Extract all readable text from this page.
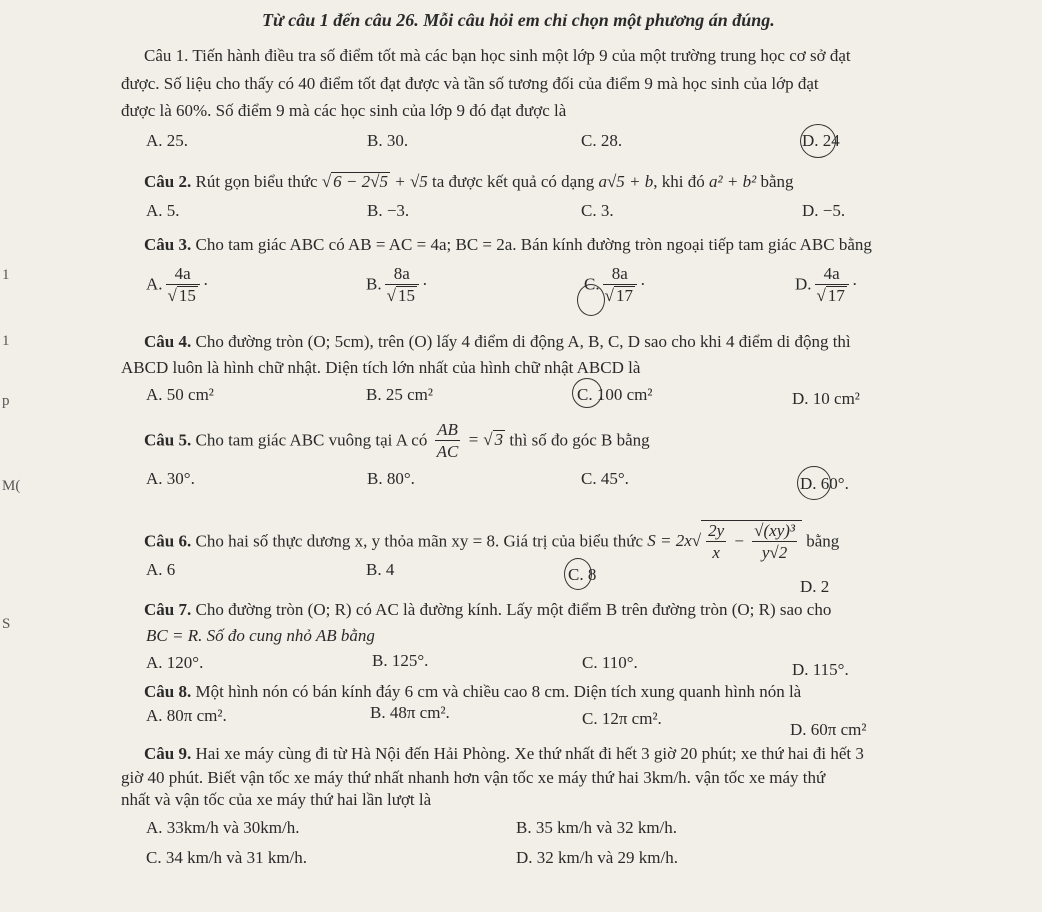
Từ câu 1 đến câu 26. Mỗi câu hỏi em chỉ chọn một phương án đúng.
Câu 1. Tiến hành điều tra số điểm tốt mà các bạn học sinh một lớp 9 của một trường trung học cơ sở đạt
được. Số liệu cho thấy có 40 điểm tốt đạt được và tần số tương đối của điểm 9 mà học sinh của lớp đạt
được là 60%. Số điểm 9 mà các học sinh của lớp 9 đó đạt được là
A. 25.	B. 30.	C. 28.	D. 24
Câu 2. Rút gọn biểu thức √ 6 − 2√5 + √5 ta được kết quả có dạng a√5 + b, khi đó a² + b² bằng
A. 5.	B. −3.	C. 3.	D. −5.
Câu 3. Cho tam giác ABC có AB = AC = 4a; BC = 2a. Bán kính đường tròn ngoại tiếp tam giác ABC bằng
A. $\frac{4a}{√ 15}$ ·	B. $\frac{8a}{√ 15}$ ·	C. $\frac{8a}{√ 17}$ ·	D. $\frac{4a}{√ 17}$ ·
Câu 4. Cho đường tròn (O; 5cm), trên (O) lấy 4 điểm di động A, B, C, D sao cho khi 4 điểm di động thì
ABCD luôn là hình chữ nhật. Diện tích lớn nhất của hình chữ nhật ABCD là
A. 50 cm²	B. 25 cm²	C. 100 cm²	D. 10 cm²
Câu 5. Cho tam giác ABC vuông tại A có $\frac{AB}{AC}$ = √ 3 thì số đo góc B bằng
A. 30°.	B. 80°.	C. 45°.	D. 60°.
Câu 6. Cho hai số thực dương x, y thỏa mãn xy = 8. Giá trị của biểu thức $S = 2x√ \frac{2y}{x} - \frac{\text{√(xy)³}}{y√2}$ bằng
A. 6	B. 4	C. 8
D. 2
Câu 7. Cho đường tròn (O; R) có AC là đường kính. Lấy một điểm B trên đường tròn (O; R) sao cho
BC = R. Số đo cung nhỏ AB bằng
A. 120°.	B. 125°.	C. 110°.	D. 115°.
Câu 8. Một hình nón có bán kính đáy 6 cm và chiều cao 8 cm. Diện tích xung quanh hình nón là
A. 80π cm².	B. 48π cm².	C. 12π cm².
D. 60π cm²
Câu 9. Hai xe máy cùng đi từ Hà Nội đến Hải Phòng. Xe thứ nhất đi hết 3 giờ 20 phút; xe thứ hai đi hết 3
giờ 40 phút. Biết vận tốc xe máy thứ nhất nhanh hơn vận tốc xe máy thứ hai 3km/h. vận tốc xe máy thứ
nhất và vận tốc của xe máy thứ hai lần lượt là
A. 33km/h và 30km/h.	B. 35 km/h và 32 km/h.
C. 34 km/h và 31 km/h.	D. 32 km/h và 29 km/h.
1
1
p
M(
S
